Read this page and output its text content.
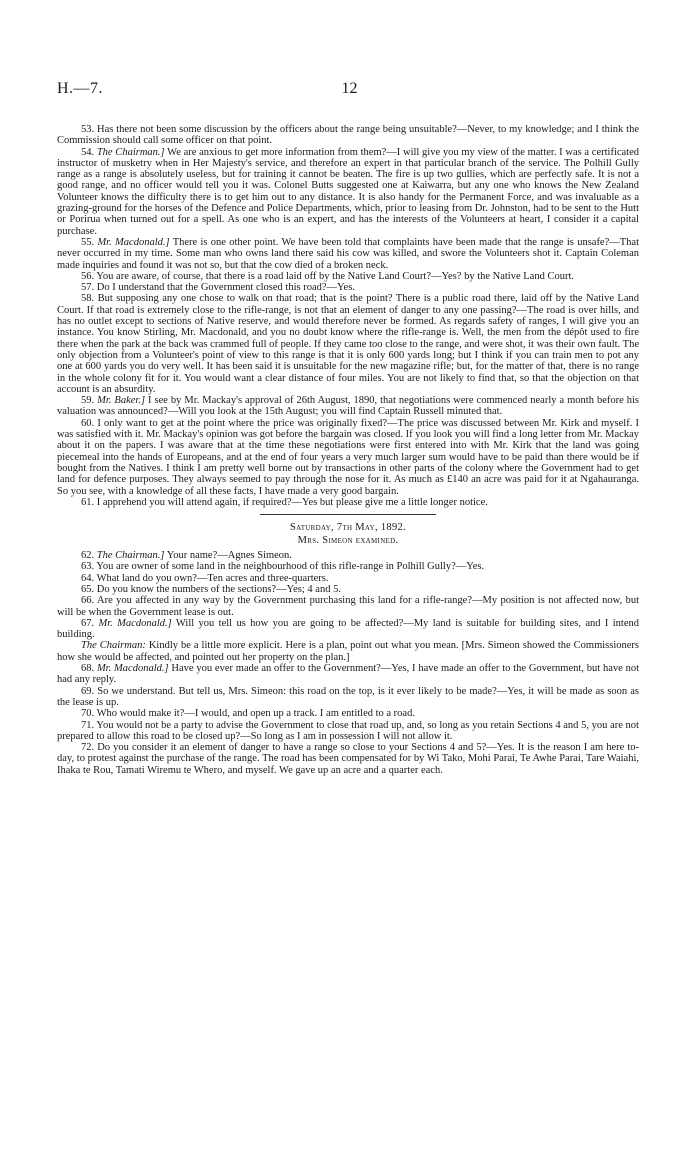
H.—7.	12

53. Has there not been some discussion by the officers about the range being unsuitable?—Never, to my knowledge; and I think the Commission should call some officer on that point.

54. The Chairman.] We are anxious to get more information from them?—I will give you my view of the matter. I was a certificated instructor of musketry when in Her Majesty's service, and therefore an expert in that particular branch of the service. The Polhill Gully range as a range is absolutely useless, but for training it cannot be beaten. The fire is up two gullies, which are perfectly safe. It is not a good range, and no officer would tell you it was. Colonel Butts suggested one at Kaiwarra, but any one who knows the New Zealand Volunteer knows the difficulty there is to get him out to any distance. It is also handy for the Permanent Force, and was invaluable as a grazing-ground for the horses of the Defence and Police Departments, which, prior to leasing from Dr. Johnston, had to be sent to the Hutt or Porirua when turned out for a spell. As one who is an expert, and has the interests of the Volunteers at heart, I consider it a capital purchase.

55. Mr. Macdonald.] There is one other point. We have been told that complaints have been made that the range is unsafe?—That never occurred in my time. Some man who owns land there said his cow was killed, and swore the Volunteers shot it. Captain Coleman made inquiries and found it was not so, but that the cow died of a broken neck.

56. You are aware, of course, that there is a road laid off by the Native Land Court?—Yes? by the Native Land Court.

57. Do I understand that the Government closed this road?—Yes.

58. But supposing any one chose to walk on that road; that is the point? There is a public road there, laid off by the Native Land Court. If that road is extremely close to the rifle-range, is not that an element of danger to any one passing?—The road is over hills, and has no outlet except to sections of Native reserve, and would therefore never be formed. As regards safety of ranges, I will give you an instance. You know Stirling, Mr. Macdonald, and you no doubt know where the rifle-range is. Well, the men from the dépôt used to fire there when the park at the back was crammed full of people. If they came too close to the range, and were shot, it was their own fault. The only objection from a Volunteer's point of view to this range is that it is only 600 yards long; but I think if you can train men to pot any one at 600 yards you do very well. It has been said it is unsuitable for the new magazine rifle; but, for the matter of that, there is no range in the whole colony fit for it. You would want a clear distance of four miles. You are not likely to find that, so that the objection on that account is an absurdity.

59. Mr. Baker.] I see by Mr. Mackay's approval of 26th August, 1890, that negotiations were commenced nearly a month before his valuation was announced?—Will you look at the 15th August; you will find Captain Russell minuted that.

60. I only want to get at the point where the price was originally fixed?—The price was discussed between Mr. Kirk and myself. I was satisfied with it. Mr. Mackay's opinion was got before the bargain was closed. If you look you will find a long letter from Mr. Mackay about it on the papers. I was aware that at the time these negotiations were first entered into with Mr. Kirk that the land was going piecemeal into the hands of Europeans, and at the end of four years a very much larger sum would have to be paid than there would be if bought from the Natives. I think I am pretty well borne out by transactions in other parts of the colony where the Government had to get land for defence purposes. They always seemed to pay through the nose for it. As much as £140 an acre was paid for it at Ngahauranga. So you see, with a knowledge of all these facts, I have made a very good bargain.

61. I apprehend you will attend again, if required?—Yes but please give me a little longer notice.

Saturday, 7th May, 1892.

Mrs. Simeon examined.

62. The Chairman.] Your name?—Agnes Simeon.

63. You are owner of some land in the neighbourhood of this rifle-range in Polhill Gully?—Yes.

64. What land do you own?—Ten acres and three-quarters.

65. Do you know the numbers of the sections?—Yes; 4 and 5.

66. Are you affected in any way by the Government purchasing this land for a rifle-range?—My position is not affected now, but will be when the Government lease is out.

67. Mr. Macdonald.] Will you tell us how you are going to be affected?—My land is suitable for building sites, and I intend building.

The Chairman: Kindly be a little more explicit. Here is a plan, point out what you mean. [Mrs. Simeon showed the Commissioners how she would be affected, and pointed out her property on the plan.]

68. Mr. Macdonald.] Have you ever made an offer to the Government?—Yes, I have made an offer to the Government, but have not had any reply.

69. So we understand. But tell us, Mrs. Simeon: this road on the top, is it ever likely to be made?—Yes, it will be made as soon as the lease is up.

70. Who would make it?—I would, and open up a track. I am entitled to a road.

71. You would not be a party to advise the Government to close that road up, and, so long as you retain Sections 4 and 5, you are not prepared to allow this road to be closed up?—So long as I am in possession I will not allow it.

72. Do you consider it an element of danger to have a range so close to your Sections 4 and 5?—Yes. It is the reason I am here to-day, to protest against the purchase of the range. The road has been compensated for by Wi Tako, Mohi Parai, Te Awhe Parai, Tare Waiahi, Ihaka te Rou, Tamati Wiremu te Whero, and myself. We gave up an acre and a quarter each.
